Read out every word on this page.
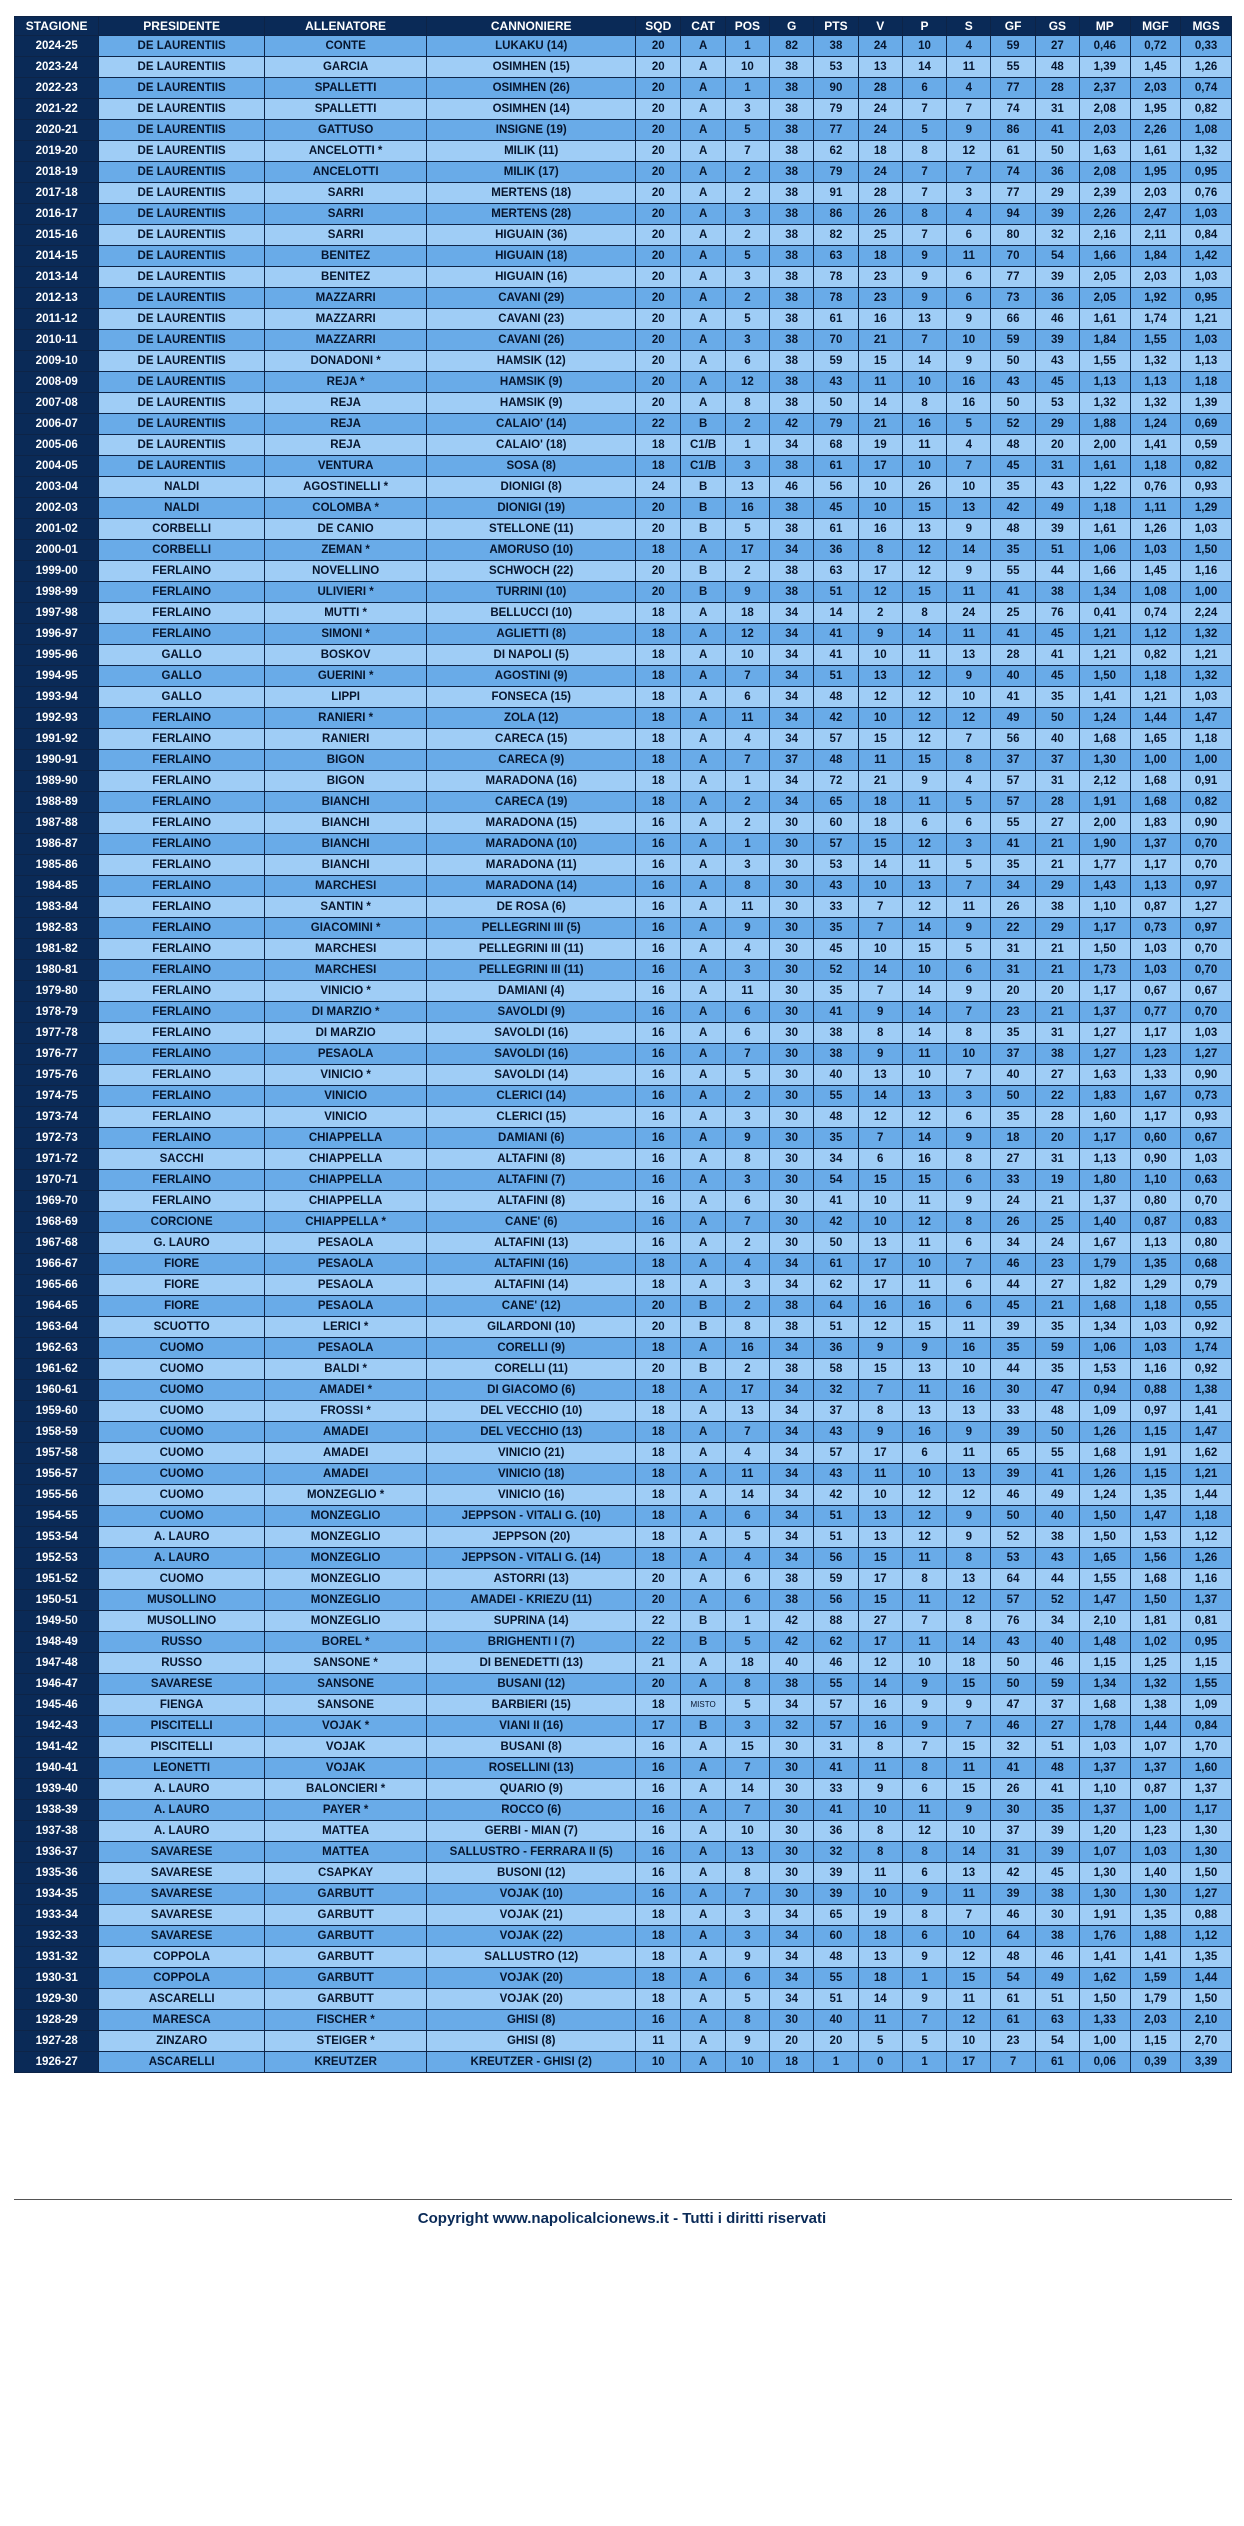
STAGIONE	PRESIDENTE	ALLENATORE	CANNONIERE	SQD	CAT	POS	G	PTS	V	P	S	GF	GS	MP	MGF	MGS
2024-25	DE LAURENTIIS	CONTE	LUKAKU (14)	20	A	1	82	38	24	10	4	59	27	0,46	0,72	0,33
2023-24	DE LAURENTIIS	GARCIA	OSIMHEN (15)	20	A	10	38	53	13	14	11	55	48	1,39	1,45	1,26
2022-23	DE LAURENTIIS	SPALLETTI	OSIMHEN (26)	20	A	1	38	90	28	6	4	77	28	2,37	2,03	0,74
2021-22	DE LAURENTIIS	SPALLETTI	OSIMHEN (14)	20	A	3	38	79	24	7	7	74	31	2,08	1,95	0,82
2020-21	DE LAURENTIIS	GATTUSO	INSIGNE (19)	20	A	5	38	77	24	5	9	86	41	2,03	2,26	1,08
2019-20	DE LAURENTIIS	ANCELOTTI *	MILIK (11)	20	A	7	38	62	18	8	12	61	50	1,63	1,61	1,32
2018-19	DE LAURENTIIS	ANCELOTTI	MILIK (17)	20	A	2	38	79	24	7	7	74	36	2,08	1,95	0,95
2017-18	DE LAURENTIIS	SARRI	MERTENS (18)	20	A	2	38	91	28	7	3	77	29	2,39	2,03	0,76
2016-17	DE LAURENTIIS	SARRI	MERTENS (28)	20	A	3	38	86	26	8	4	94	39	2,26	2,47	1,03
2015-16	DE LAURENTIIS	SARRI	HIGUAIN (36)	20	A	2	38	82	25	7	6	80	32	2,16	2,11	0,84
2014-15	DE LAURENTIIS	BENITEZ	HIGUAIN (18)	20	A	5	38	63	18	9	11	70	54	1,66	1,84	1,42
2013-14	DE LAURENTIIS	BENITEZ	HIGUAIN (16)	20	A	3	38	78	23	9	6	77	39	2,05	2,03	1,03
2012-13	DE LAURENTIIS	MAZZARRI	CAVANI (29)	20	A	2	38	78	23	9	6	73	36	2,05	1,92	0,95
2011-12	DE LAURENTIIS	MAZZARRI	CAVANI (23)	20	A	5	38	61	16	13	9	66	46	1,61	1,74	1,21
2010-11	DE LAURENTIIS	MAZZARRI	CAVANI (26)	20	A	3	38	70	21	7	10	59	39	1,84	1,55	1,03
2009-10	DE LAURENTIIS	DONADONI *	HAMSIK (12)	20	A	6	38	59	15	14	9	50	43	1,55	1,32	1,13
2008-09	DE LAURENTIIS	REJA *	HAMSIK (9)	20	A	12	38	43	11	10	16	43	45	1,13	1,13	1,18
2007-08	DE LAURENTIIS	REJA	HAMSIK (9)	20	A	8	38	50	14	8	16	50	53	1,32	1,32	1,39
2006-07	DE LAURENTIIS	REJA	CALAIO' (14)	22	B	2	42	79	21	16	5	52	29	1,88	1,24	0,69
2005-06	DE LAURENTIIS	REJA	CALAIO' (18)	18	C1/B	1	34	68	19	11	4	48	20	2,00	1,41	0,59
2004-05	DE LAURENTIIS	VENTURA	SOSA (8)	18	C1/B	3	38	61	17	10	7	45	31	1,61	1,18	0,82
2003-04	NALDI	AGOSTINELLI *	DIONIGI (8)	24	B	13	46	56	10	26	10	35	43	1,22	0,76	0,93
2002-03	NALDI	COLOMBA *	DIONIGI (19)	20	B	16	38	45	10	15	13	42	49	1,18	1,11	1,29
2001-02	CORBELLI	DE CANIO	STELLONE (11)	20	B	5	38	61	16	13	9	48	39	1,61	1,26	1,03
2000-01	CORBELLI	ZEMAN *	AMORUSO (10)	18	A	17	34	36	8	12	14	35	51	1,06	1,03	1,50
1999-00	FERLAINO	NOVELLINO	SCHWOCH (22)	20	B	2	38	63	17	12	9	55	44	1,66	1,45	1,16
1998-99	FERLAINO	ULIVIERI *	TURRINI (10)	20	B	9	38	51	12	15	11	41	38	1,34	1,08	1,00
1997-98	FERLAINO	MUTTI *	BELLUCCI (10)	18	A	18	34	14	2	8	24	25	76	0,41	0,74	2,24
1996-97	FERLAINO	SIMONI *	AGLIETTI (8)	18	A	12	34	41	9	14	11	41	45	1,21	1,12	1,32
1995-96	GALLO	BOSKOV	DI NAPOLI (5)	18	A	10	34	41	10	11	13	28	41	1,21	0,82	1,21
1994-95	GALLO	GUERINI *	AGOSTINI (9)	18	A	7	34	51	13	12	9	40	45	1,50	1,18	1,32
1993-94	GALLO	LIPPI	FONSECA (15)	18	A	6	34	48	12	12	10	41	35	1,41	1,21	1,03
1992-93	FERLAINO	RANIERI *	ZOLA (12)	18	A	11	34	42	10	12	12	49	50	1,24	1,44	1,47
1991-92	FERLAINO	RANIERI	CARECA (15)	18	A	4	34	57	15	12	7	56	40	1,68	1,65	1,18
1990-91	FERLAINO	BIGON	CARECA (9)	18	A	7	37	48	11	15	8	37	37	1,30	1,00	1,00
1989-90	FERLAINO	BIGON	MARADONA (16)	18	A	1	34	72	21	9	4	57	31	2,12	1,68	0,91
1988-89	FERLAINO	BIANCHI	CARECA (19)	18	A	2	34	65	18	11	5	57	28	1,91	1,68	0,82
1987-88	FERLAINO	BIANCHI	MARADONA (15)	16	A	2	30	60	18	6	6	55	27	2,00	1,83	0,90
1986-87	FERLAINO	BIANCHI	MARADONA (10)	16	A	1	30	57	15	12	3	41	21	1,90	1,37	0,70
1985-86	FERLAINO	BIANCHI	MARADONA (11)	16	A	3	30	53	14	11	5	35	21	1,77	1,17	0,70
1984-85	FERLAINO	MARCHESI	MARADONA (14)	16	A	8	30	43	10	13	7	34	29	1,43	1,13	0,97
1983-84	FERLAINO	SANTIN *	DE ROSA (6)	16	A	11	30	33	7	12	11	26	38	1,10	0,87	1,27
1982-83	FERLAINO	GIACOMINI *	PELLEGRINI III (5)	16	A	9	30	35	7	14	9	22	29	1,17	0,73	0,97
1981-82	FERLAINO	MARCHESI	PELLEGRINI III (11)	16	A	4	30	45	10	15	5	31	21	1,50	1,03	0,70
1980-81	FERLAINO	MARCHESI	PELLEGRINI III (11)	16	A	3	30	52	14	10	6	31	21	1,73	1,03	0,70
1979-80	FERLAINO	VINICIO *	DAMIANI (4)	16	A	11	30	35	7	14	9	20	20	1,17	0,67	0,67
1978-79	FERLAINO	DI MARZIO *	SAVOLDI (9)	16	A	6	30	41	9	14	7	23	21	1,37	0,77	0,70
1977-78	FERLAINO	DI MARZIO	SAVOLDI (16)	16	A	6	30	38	8	14	8	35	31	1,27	1,17	1,03
1976-77	FERLAINO	PESAOLA	SAVOLDI (16)	16	A	7	30	38	9	11	10	37	38	1,27	1,23	1,27
1975-76	FERLAINO	VINICIO *	SAVOLDI (14)	16	A	5	30	40	13	10	7	40	27	1,63	1,33	0,90
1974-75	FERLAINO	VINICIO	CLERICI (14)	16	A	2	30	55	14	13	3	50	22	1,83	1,67	0,73
1973-74	FERLAINO	VINICIO	CLERICI (15)	16	A	3	30	48	12	12	6	35	28	1,60	1,17	0,93
1972-73	FERLAINO	CHIAPPELLA	DAMIANI (6)	16	A	9	30	35	7	14	9	18	20	1,17	0,60	0,67
1971-72	SACCHI	CHIAPPELLA	ALTAFINI (8)	16	A	8	30	34	6	16	8	27	31	1,13	0,90	1,03
1970-71	FERLAINO	CHIAPPELLA	ALTAFINI (7)	16	A	3	30	54	15	15	6	33	19	1,80	1,10	0,63
1969-70	FERLAINO	CHIAPPELLA	ALTAFINI (8)	16	A	6	30	41	10	11	9	24	21	1,37	0,80	0,70
1968-69	CORCIONE	CHIAPPELLA *	CANE' (6)	16	A	7	30	42	10	12	8	26	25	1,40	0,87	0,83
1967-68	G. LAURO	PESAOLA	ALTAFINI (13)	16	A	2	30	50	13	11	6	34	24	1,67	1,13	0,80
1966-67	FIORE	PESAOLA	ALTAFINI (16)	18	A	4	34	61	17	10	7	46	23	1,79	1,35	0,68
1965-66	FIORE	PESAOLA	ALTAFINI (14)	18	A	3	34	62	17	11	6	44	27	1,82	1,29	0,79
1964-65	FIORE	PESAOLA	CANE' (12)	20	B	2	38	64	16	16	6	45	21	1,68	1,18	0,55
1963-64	SCUOTTO	LERICI *	GILARDONI (10)	20	B	8	38	51	12	15	11	39	35	1,34	1,03	0,92
1962-63	CUOMO	PESAOLA	CORELLI (9)	18	A	16	34	36	9	9	16	35	59	1,06	1,03	1,74
1961-62	CUOMO	BALDI *	CORELLI (11)	20	B	2	38	58	15	13	10	44	35	1,53	1,16	0,92
1960-61	CUOMO	AMADEI *	DI GIACOMO (6)	18	A	17	34	32	7	11	16	30	47	0,94	0,88	1,38
1959-60	CUOMO	FROSSI *	DEL VECCHIO (10)	18	A	13	34	37	8	13	13	33	48	1,09	0,97	1,41
1958-59	CUOMO	AMADEI	DEL VECCHIO (13)	18	A	7	34	43	9	16	9	39	50	1,26	1,15	1,47
1957-58	CUOMO	AMADEI	VINICIO (21)	18	A	4	34	57	17	6	11	65	55	1,68	1,91	1,62
1956-57	CUOMO	AMADEI	VINICIO (18)	18	A	11	34	43	11	10	13	39	41	1,26	1,15	1,21
1955-56	CUOMO	MONZEGLIO *	VINICIO (16)	18	A	14	34	42	10	12	12	46	49	1,24	1,35	1,44
1954-55	CUOMO	MONZEGLIO	JEPPSON - VITALI G. (10)	18	A	6	34	51	13	12	9	50	40	1,50	1,47	1,18
1953-54	A. LAURO	MONZEGLIO	JEPPSON (20)	18	A	5	34	51	13	12	9	52	38	1,50	1,53	1,12
1952-53	A. LAURO	MONZEGLIO	JEPPSON - VITALI G. (14)	18	A	4	34	56	15	11	8	53	43	1,65	1,56	1,26
1951-52	CUOMO	MONZEGLIO	ASTORRI (13)	20	A	6	38	59	17	8	13	64	44	1,55	1,68	1,16
1950-51	MUSOLLINO	MONZEGLIO	AMADEI - KRIEZU (11)	20	A	6	38	56	15	11	12	57	52	1,47	1,50	1,37
1949-50	MUSOLLINO	MONZEGLIO	SUPRINA (14)	22	B	1	42	88	27	7	8	76	34	2,10	1,81	0,81
1948-49	RUSSO	BOREL *	BRIGHENTI I (7)	22	B	5	42	62	17	11	14	43	40	1,48	1,02	0,95
1947-48	RUSSO	SANSONE *	DI BENEDETTI (13)	21	A	18	40	46	12	10	18	50	46	1,15	1,25	1,15
1946-47	SAVARESE	SANSONE	BUSANI (12)	20	A	8	38	55	14	9	15	50	59	1,34	1,32	1,55
1945-46	FIENGA	SANSONE	BARBIERI (15)	18	MISTO	5	34	57	16	9	9	47	37	1,68	1,38	1,09
1942-43	PISCITELLI	VOJAK *	VIANI II (16)	17	B	3	32	57	16	9	7	46	27	1,78	1,44	0,84
1941-42	PISCITELLI	VOJAK	BUSANI (8)	16	A	15	30	31	8	7	15	32	51	1,03	1,07	1,70
1940-41	LEONETTI	VOJAK	ROSELLINI (13)	16	A	7	30	41	11	8	11	41	48	1,37	1,37	1,60
1939-40	A. LAURO	BALONCIERI *	QUARIO (9)	16	A	14	30	33	9	6	15	26	41	1,10	0,87	1,37
1938-39	A. LAURO	PAYER *	ROCCO (6)	16	A	7	30	41	10	11	9	30	35	1,37	1,00	1,17
1937-38	A. LAURO	MATTEA	GERBI - MIAN (7)	16	A	10	30	36	8	12	10	37	39	1,20	1,23	1,30
1936-37	SAVARESE	MATTEA	SALLUSTRO - FERRARA II (5)	16	A	13	30	32	8	8	14	31	39	1,07	1,03	1,30
1935-36	SAVARESE	CSAPKAY	BUSONI (12)	16	A	8	30	39	11	6	13	42	45	1,30	1,40	1,50
1934-35	SAVARESE	GARBUTT	VOJAK (10)	16	A	7	30	39	10	9	11	39	38	1,30	1,30	1,27
1933-34	SAVARESE	GARBUTT	VOJAK (21)	18	A	3	34	65	19	8	7	46	30	1,91	1,35	0,88
1932-33	SAVARESE	GARBUTT	VOJAK (22)	18	A	3	34	60	18	6	10	64	38	1,76	1,88	1,12
1931-32	COPPOLA	GARBUTT	SALLUSTRO (12)	18	A	9	34	48	13	9	12	48	46	1,41	1,41	1,35
1930-31	COPPOLA	GARBUTT	VOJAK (20)	18	A	6	34	55	18	1	15	54	49	1,62	1,59	1,44
1929-30	ASCARELLI	GARBUTT	VOJAK (20)	18	A	5	34	51	14	9	11	61	51	1,50	1,79	1,50
1928-29	MARESCA	FISCHER *	GHISI (8)	16	A	8	30	40	11	7	12	61	63	1,33	2,03	2,10
1927-28	ZINZARO	STEIGER *	GHISI (8)	11	A	9	20	20	5	5	10	23	54	1,00	1,15	2,70
1926-27	ASCARELLI	KREUTZER	KREUTZER - GHISI (2)	10	A	10	18	1	0	1	17	7	61	0,06	0,39	3,39
Copyright www.napolicalcionews.it - Tutti i diritti riservati
